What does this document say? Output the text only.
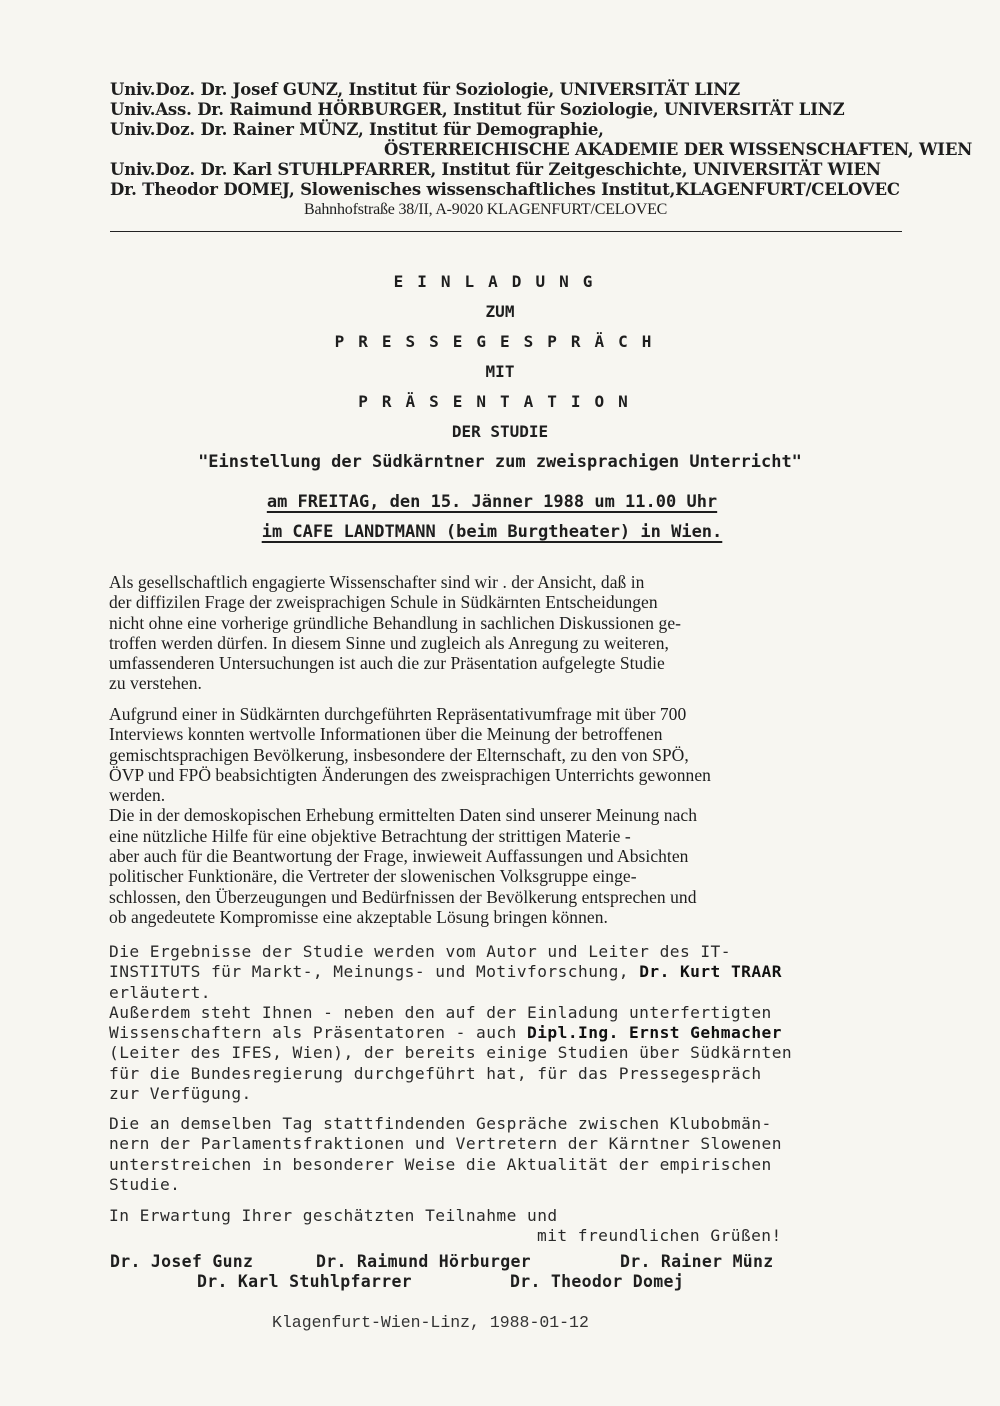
Univ.Doz. Dr. Josef GUNZ, Institut für Soziologie, UNIVERSITÄT LINZ
Univ.Ass. Dr. Raimund HÖRBURGER, Institut für Soziologie, UNIVERSITÄT LINZ
Univ.Doz. Dr. Rainer MÜNZ, Institut für Demographie,
ÖSTERREICHISCHE AKADEMIE DER WISSENSCHAFTEN, WIEN
Univ.Doz. Dr. Karl STUHLPFARRER, Institut für Zeitgeschichte, UNIVERSITÄT WIEN
Dr. Theodor DOMEJ, Slowenisches wissenschaftliches Institut,KLAGENFURT/CELOVEC
Bahnhofstraße 38/II, A-9020 KLAGENFURT/CELOVEC
EINLADUNG
ZUM
PRESSEGESPRÄCH
MIT
PRÄSENTATION
DER STUDIE
"Einstellung der Südkärntner zum zweisprachigen Unterricht"
am FREITAG, den 15. Jänner 1988 um 11.00 Uhr
im CAFE LANDTMANN (beim Burgtheater) in Wien.
Als gesellschaftlich engagierte Wissenschafter sind wir . der Ansicht, daß in
der diffizilen Frage der zweisprachigen Schule in Südkärnten Entscheidungen
nicht ohne eine vorherige gründliche Behandlung in sachlichen Diskussionen ge-
troffen werden dürfen. In diesem Sinne und zugleich als Anregung zu weiteren,
umfassenderen Untersuchungen ist auch die zur Präsentation aufgelegte Studie
zu verstehen.
Aufgrund einer in Südkärnten durchgeführten Repräsentativumfrage mit über 700
Interviews konnten wertvolle Informationen über die Meinung der betroffenen
gemischtsprachigen Bevölkerung, insbesondere der Elternschaft, zu den von SPÖ,
ÖVP und FPÖ beabsichtigten Änderungen des zweisprachigen Unterrichts gewonnen
werden.
Die in der demoskopischen Erhebung ermittelten Daten sind unserer Meinung nach
eine nützliche Hilfe für eine objektive Betrachtung der strittigen Materie -
aber auch für die Beantwortung der Frage, inwieweit Auffassungen und Absichten
politischer Funktionäre, die Vertreter der slowenischen Volksgruppe einge-
schlossen, den Überzeugungen und Bedürfnissen der Bevölkerung entsprechen und
ob angedeutete Kompromisse eine akzeptable Lösung bringen können.
Die Ergebnisse der Studie werden vom Autor und Leiter des IT-
INSTITUTS für Markt-, Meinungs- und Motivforschung, Dr. Kurt TRAAR
erläutert.
Außerdem steht Ihnen - neben den auf der Einladung unterfertigten
Wissenschaftern als Präsentatoren - auch Dipl.Ing. Ernst Gehmacher
(Leiter des IFES, Wien), der bereits einige Studien über Südkärnten
für die Bundesregierung durchgeführt hat, für das Pressegespräch
zur Verfügung.
Die an demselben Tag stattfindenden Gespräche zwischen Klubobmän-
nern der Parlamentsfraktionen und Vertretern der Kärntner Slowenen
unterstreichen in besonderer Weise die Aktualität der empirischen
Studie.
In Erwartung Ihrer geschätzten Teilnahme und
mit freundlichen Grüßen!
Dr. Josef Gunz	Dr. Raimund Hörburger	Dr. Rainer Münz
Dr. Karl Stuhlpfarrer	Dr. Theodor Domej
Klagenfurt-Wien-Linz, 1988-01-12
